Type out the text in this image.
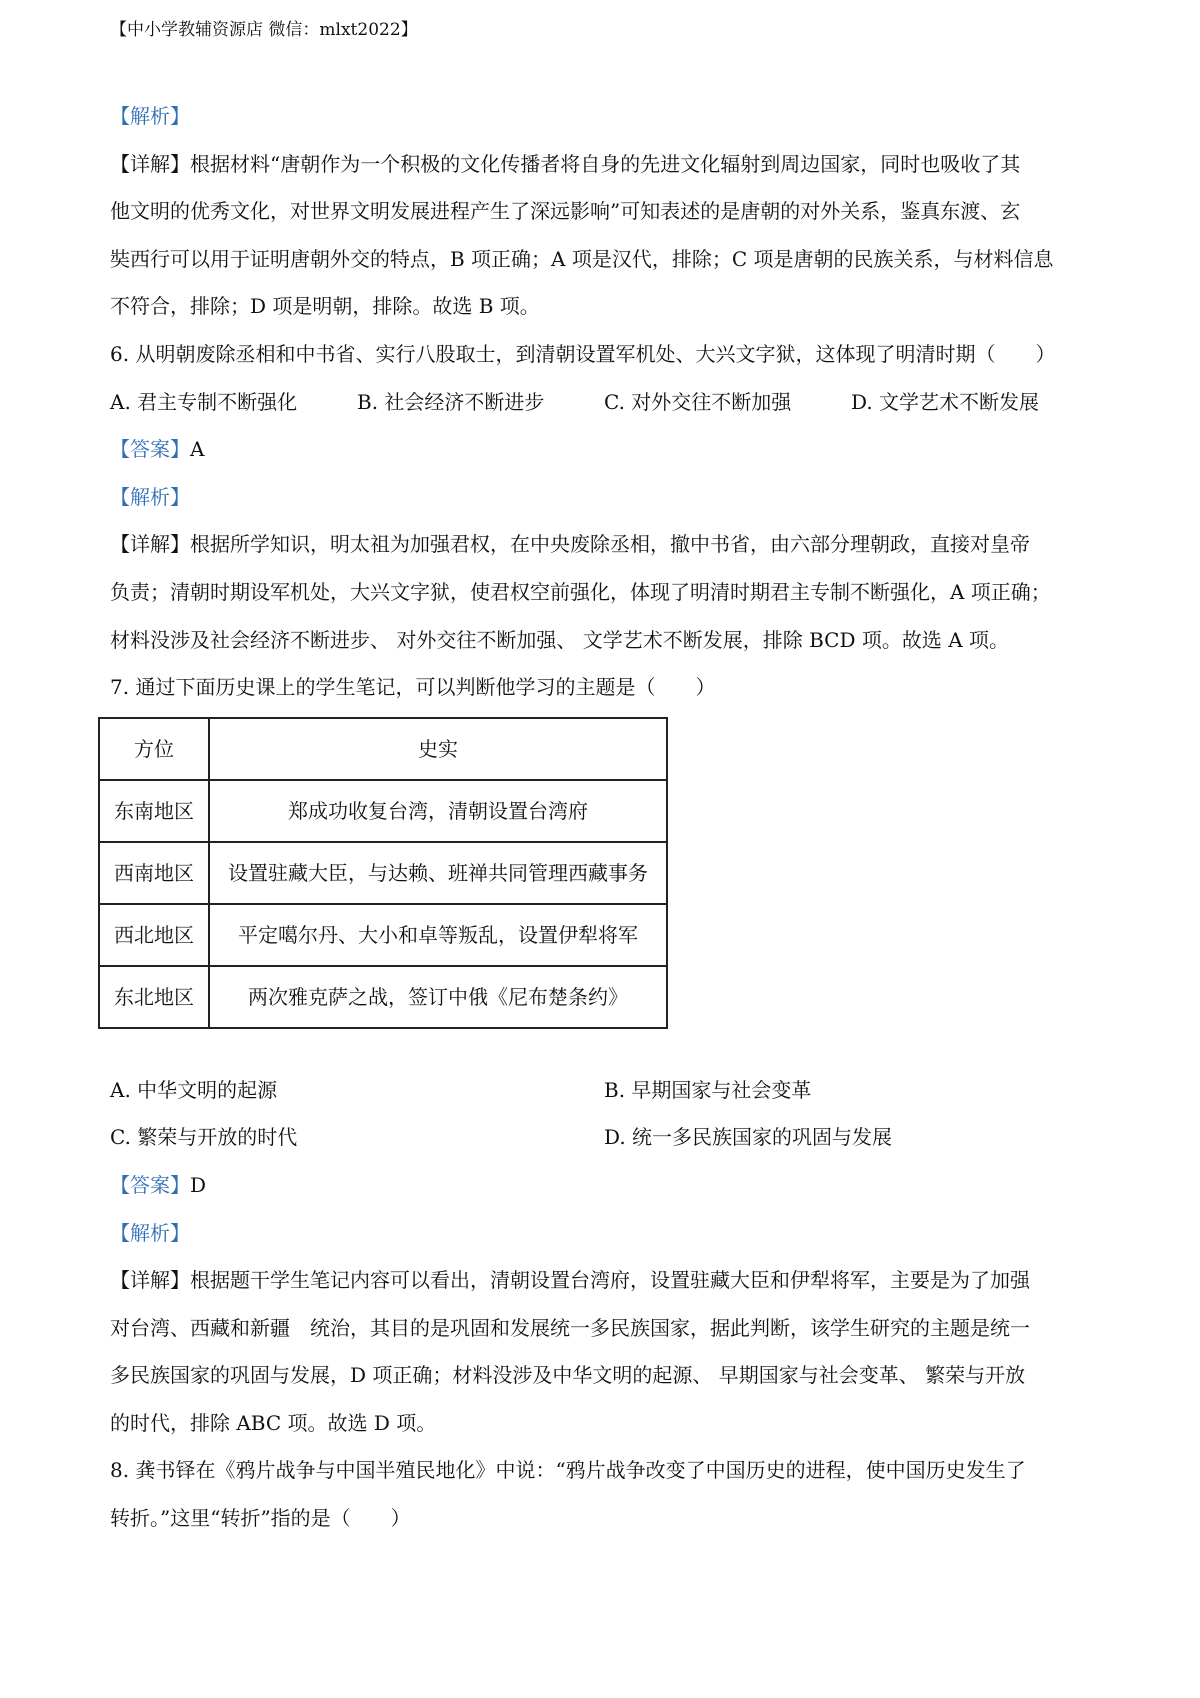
【中小学教辅资源店 微信：mlxt2022】
【解析】
【详解】根据材料“唐朝作为一个积极的文化传播者将自身的先进文化辐射到周边国家，同时也吸收了其
他文明的优秀文化，对世界文明发展进程产生了深远影响”可知表述的是唐朝的对外关系，鉴真东渡、玄
奘西行可以用于证明唐朝外交的特点，B 项正确；A 项是汉代，排除；C 项是唐朝的民族关系，与材料信息
不符合，排除；D 项是明朝，排除。故选 B 项。
6. 从明朝废除丞相和中书省、实行八股取士，到清朝设置军机处、大兴文字狱，这体现了明清时期（　　）
A. 君主专制不断强化	B. 社会经济不断进步	C. 对外交往不断加强	D. 文学艺术不断发展
【答案】A
【解析】
【详解】根据所学知识，明太祖为加强君权，在中央废除丞相，撤中书省，由六部分理朝政，直接对皇帝
负责；清朝时期设军机处，大兴文字狱，使君权空前强化，体现了明清时期君主专制不断强化，A 项正确；
材料没涉及社会经济不断进步、 对外交往不断加强、 文学艺术不断发展，排除 BCD 项。故选 A 项。
7. 通过下面历史课上的学生笔记，可以判断他学习的主题是（　　）
方位	史实
东南地区	郑成功收复台湾，清朝设置台湾府
西南地区	设置驻藏大臣，与达赖、班禅共同管理西藏事务
西北地区	平定噶尔丹、大小和卓等叛乱，设置伊犁将军
东北地区	两次雅克萨之战，签订中俄《尼布楚条约》
A. 中华文明的起源	B. 早期国家与社会变革
C. 繁荣与开放的时代	D. 统一多民族国家的巩固与发展
【答案】D
【解析】
【详解】根据题干学生笔记内容可以看出，清朝设置台湾府，设置驻藏大臣和伊犁将军，主要是为了加强
对台湾、西藏和新疆　统治，其目的是巩固和发展统一多民族国家，据此判断，该学生研究的主题是统一
多民族国家的巩固与发展，D 项正确；材料没涉及中华文明的起源、 早期国家与社会变革、 繁荣与开放
的时代，排除 ABC 项。故选 D 项。
8. 龚书铎在《鸦片战争与中国半殖民地化》中说：“鸦片战争改变了中国历史的进程，使中国历史发生了
转折。”这里“转折”指的是（　　）
